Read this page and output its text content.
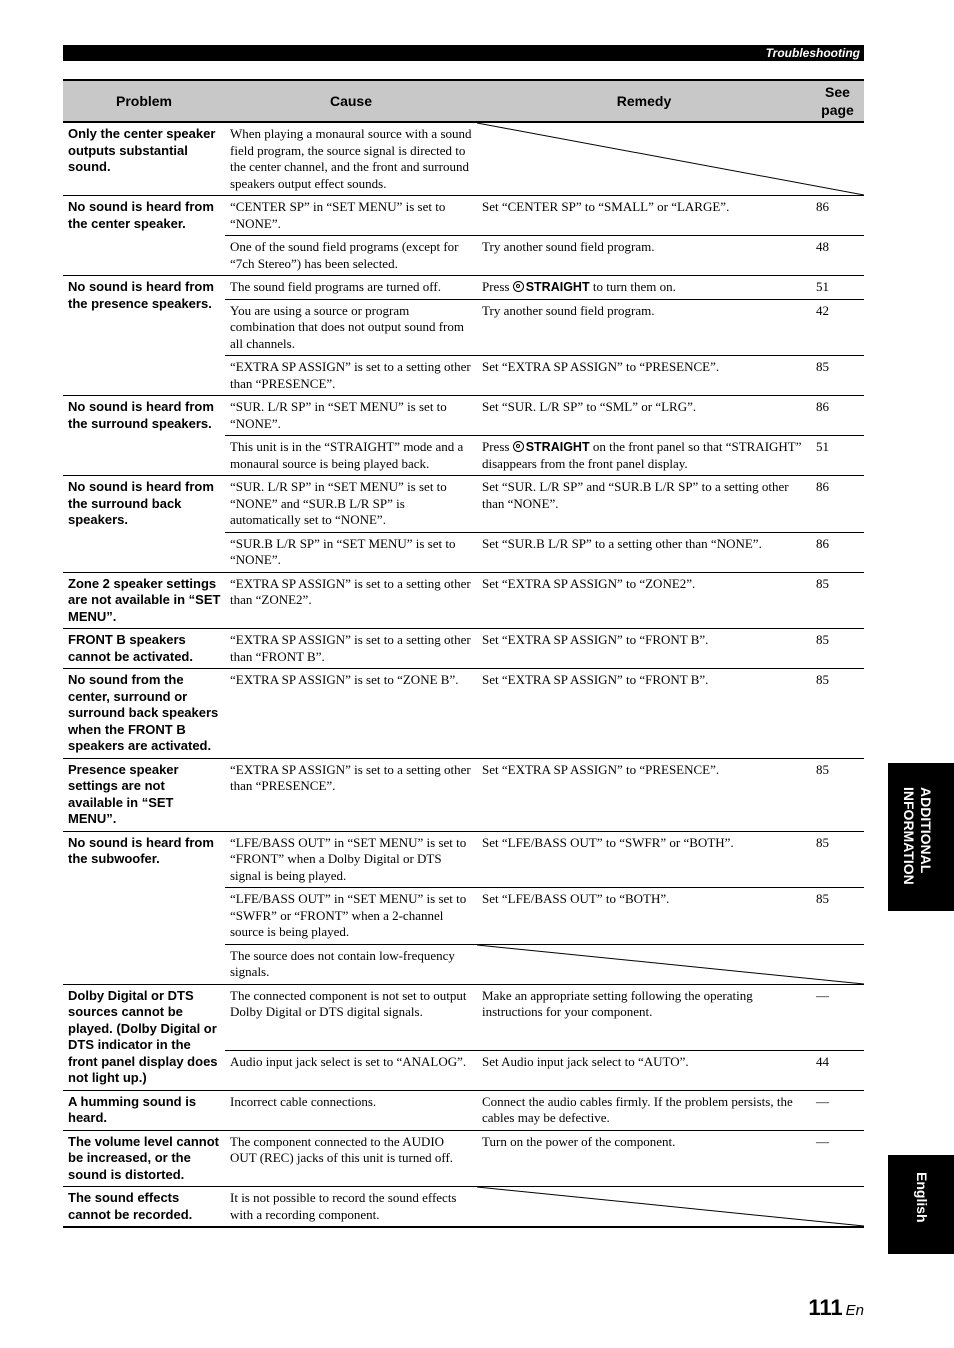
Troubleshooting
Problem	Cause	Remedy	See page
Only the center speaker outputs substantial sound.	When playing a monaural source with a sound field program, the source signal is directed to the center channel, and the front and surround speakers output effect sounds.	

No sound is heard from the center speaker.	“CENTER SP” in “SET MENU” is set to “NONE”.	Set “CENTER SP” to “SMALL” or “LARGE”.	86
	One of the sound field programs (except for “7ch Stereo”) has been selected.	Try another sound field program.	48
No sound is heard from the presence speakers.	The sound field programs are turned off.	Press STRAIGHT to turn them on.	51
	You are using a source or program combination that does not output sound from all channels.	Try another sound field program.	42
	“EXTRA SP ASSIGN” is set to a setting other than “PRESENCE”.	Set “EXTRA SP ASSIGN” to “PRESENCE”.	85
No sound is heard from the surround speakers.	“SUR. L/R SP” in “SET MENU” is set to “NONE”.	Set “SUR. L/R SP” to “SML” or “LRG”.	86
	This unit is in the “STRAIGHT” mode and a monaural source is being played back.	Press STRAIGHT on the front panel so that “STRAIGHT” disappears from the front panel display.	51
No sound is heard from the surround back speakers.	“SUR. L/R SP” in “SET MENU” is set to “NONE” and “SUR.B L/R SP” is automatically set to “NONE”.	Set “SUR. L/R SP” and “SUR.B L/R SP” to a setting other than “NONE”.	86
	“SUR.B L/R SP” in “SET MENU” is set to “NONE”.	Set “SUR.B L/R SP” to a setting other than “NONE”.	86
Zone 2 speaker settings are not available in “SET MENU”.	“EXTRA SP ASSIGN” is set to a setting other than “ZONE2”.	Set “EXTRA SP ASSIGN” to “ZONE2”.	85
FRONT B speakers cannot be activated.	“EXTRA SP ASSIGN” is set to a setting other than “FRONT B”.	Set “EXTRA SP ASSIGN” to “FRONT B”.	85
No sound from the center, surround or surround back speakers when the FRONT B speakers are activated.	“EXTRA SP ASSIGN” is set to “ZONE B”.	Set “EXTRA SP ASSIGN” to “FRONT B”.	85
Presence speaker settings are not available in “SET MENU”.	“EXTRA SP ASSIGN” is set to a setting other than “PRESENCE”.	Set “EXTRA SP ASSIGN” to “PRESENCE”.	85
No sound is heard from the subwoofer.	“LFE/BASS OUT” in “SET MENU” is set to “FRONT” when a Dolby Digital or DTS signal is being played.	Set “LFE/BASS OUT” to “SWFR” or “BOTH”.	85
	“LFE/BASS OUT” in “SET MENU” is set to “SWFR” or “FRONT” when a 2-channel source is being played.	Set “LFE/BASS OUT” to “BOTH”.	85
	The source does not contain low-frequency signals.	

Dolby Digital or DTS sources cannot be played. (Dolby Digital or DTS indicator in the front panel display does not light up.)	The connected component is not set to output Dolby Digital or DTS digital signals.	Make an appropriate setting following the operating instructions for your component.	—
	Audio input jack select is set to “ANALOG”.	Set Audio input jack select to “AUTO”.	44
A humming sound is heard.	Incorrect cable connections.	Connect the audio cables firmly. If the problem persists, the cables may be defective.	—
The volume level cannot be increased, or the sound is distorted.	The component connected to the AUDIO OUT (REC) jacks of this unit is turned off.	Turn on the power of the component.	—
The sound effects cannot be recorded.	It is not possible to record the sound effects with a recording component.	
ADDITIONAL INFORMATION
English
111 En
